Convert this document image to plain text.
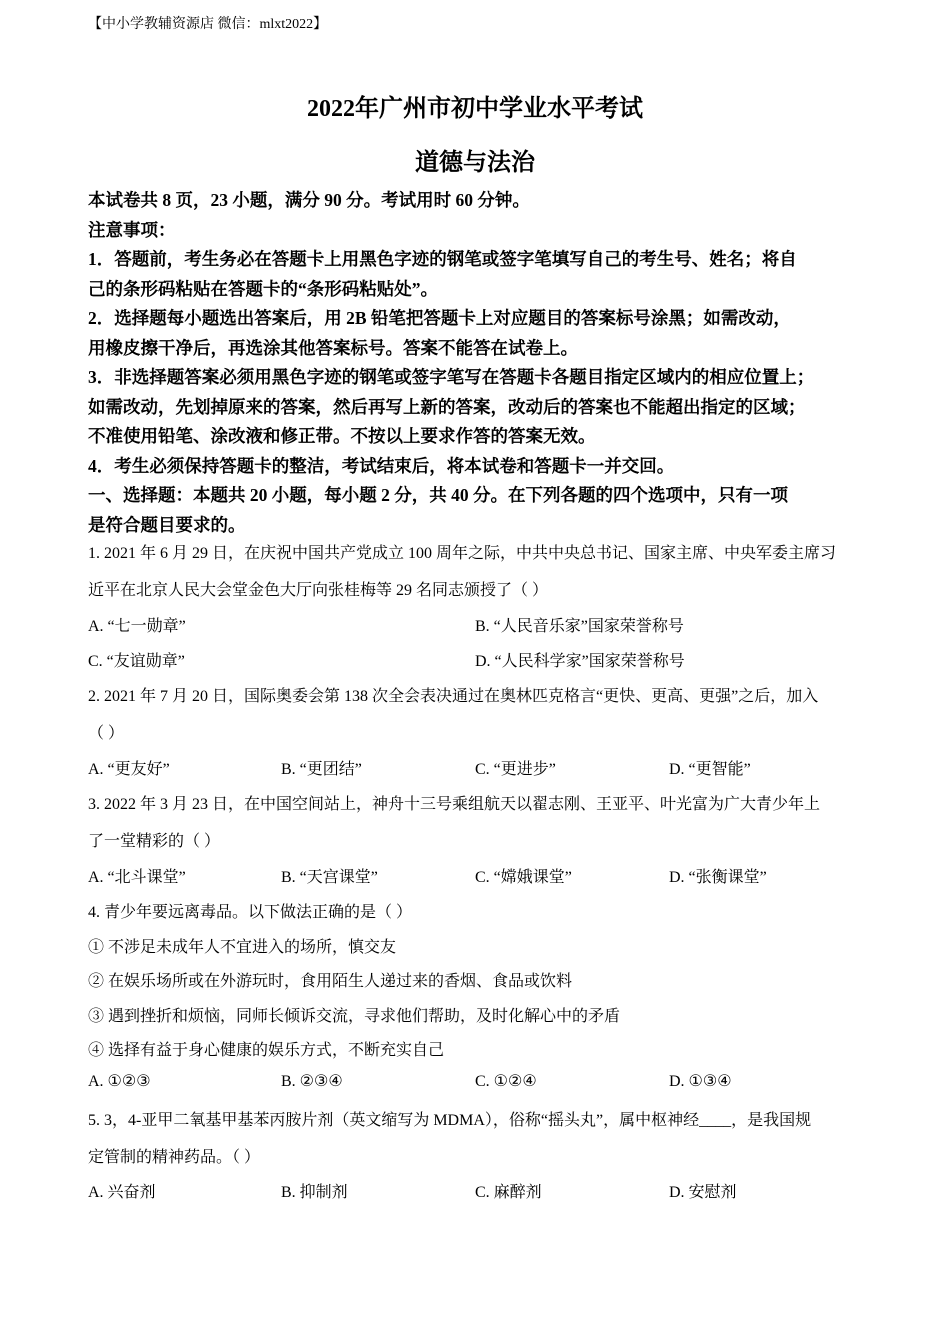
【中小学教辅资源店 微信：mlxt2022】
2022年广州市初中学业水平考试
道德与法治
本试卷共 8 页，23 小题，满分 90 分。考试用时 60 分钟。
注意事项：
1．答题前，考生务必在答题卡上用黑色字迹的钢笔或签字笔填写自己的考生号、姓名；将自
己的条形码粘贴在答题卡的“条形码粘贴处”。
2．选择题每小题选出答案后，用 2B 铅笔把答题卡上对应题目的答案标号涂黑；如需改动，
用橡皮擦干净后，再选涂其他答案标号。答案不能答在试卷上。
3．非选择题答案必须用黑色字迹的钢笔或签字笔写在答题卡各题目指定区域内的相应位置上；
如需改动，先划掉原来的答案，然后再写上新的答案，改动后的答案也不能超出指定的区域；
不准使用铅笔、涂改液和修正带。不按以上要求作答的答案无效。
4．考生必须保持答题卡的整洁，考试结束后，将本试卷和答题卡一并交回。
一、选择题：本题共 20 小题，每小题 2 分，共 40 分。在下列各题的四个选项中，只有一项
是符合题目要求的。
1. 2021 年 6 月 29 日，在庆祝中国共产党成立 100 周年之际，中共中央总书记、国家主席、中央军委主席习
近平在北京人民大会堂金色大厅向张桂梅等 29 名同志颁授了（ ）
A. “七一勋章”	B. “人民音乐家”国家荣誉称号
C. “友谊勋章”	D. “人民科学家”国家荣誉称号
2. 2021 年 7 月 20 日，国际奥委会第 138 次全会表决通过在奥林匹克格言“更快、更高、更强”之后，加入
（ ）
A. “更友好”	B. “更团结”	C. “更进步”	D. “更智能”
3. 2022 年 3 月 23 日，在中国空间站上，神舟十三号乘组航天以翟志刚、王亚平、叶光富为广大青少年上
了一堂精彩的（ ）
A. “北斗课堂”	B. “天宫课堂”	C. “嫦娥课堂”	D. “张衡课堂”
4. 青少年要远离毒品。以下做法正确的是（ ）
① 不涉足未成年人不宜进入的场所，慎交友
② 在娱乐场所或在外游玩时，食用陌生人递过来的香烟、食品或饮料
③ 遇到挫折和烦恼，同师长倾诉交流，寻求他们帮助，及时化解心中的矛盾
④ 选择有益于身心健康的娱乐方式，不断充实自己
A. ①②③	B. ②③④	C. ①②④	D. ①③④
5. 3，4-亚甲二氧基甲基苯丙胺片剂（英文缩写为 MDMA），俗称“摇头丸”，属中枢神经____，是我国规
定管制的精神药品。（ ）
A. 兴奋剂	B. 抑制剂	C. 麻醉剂	D. 安慰剂
